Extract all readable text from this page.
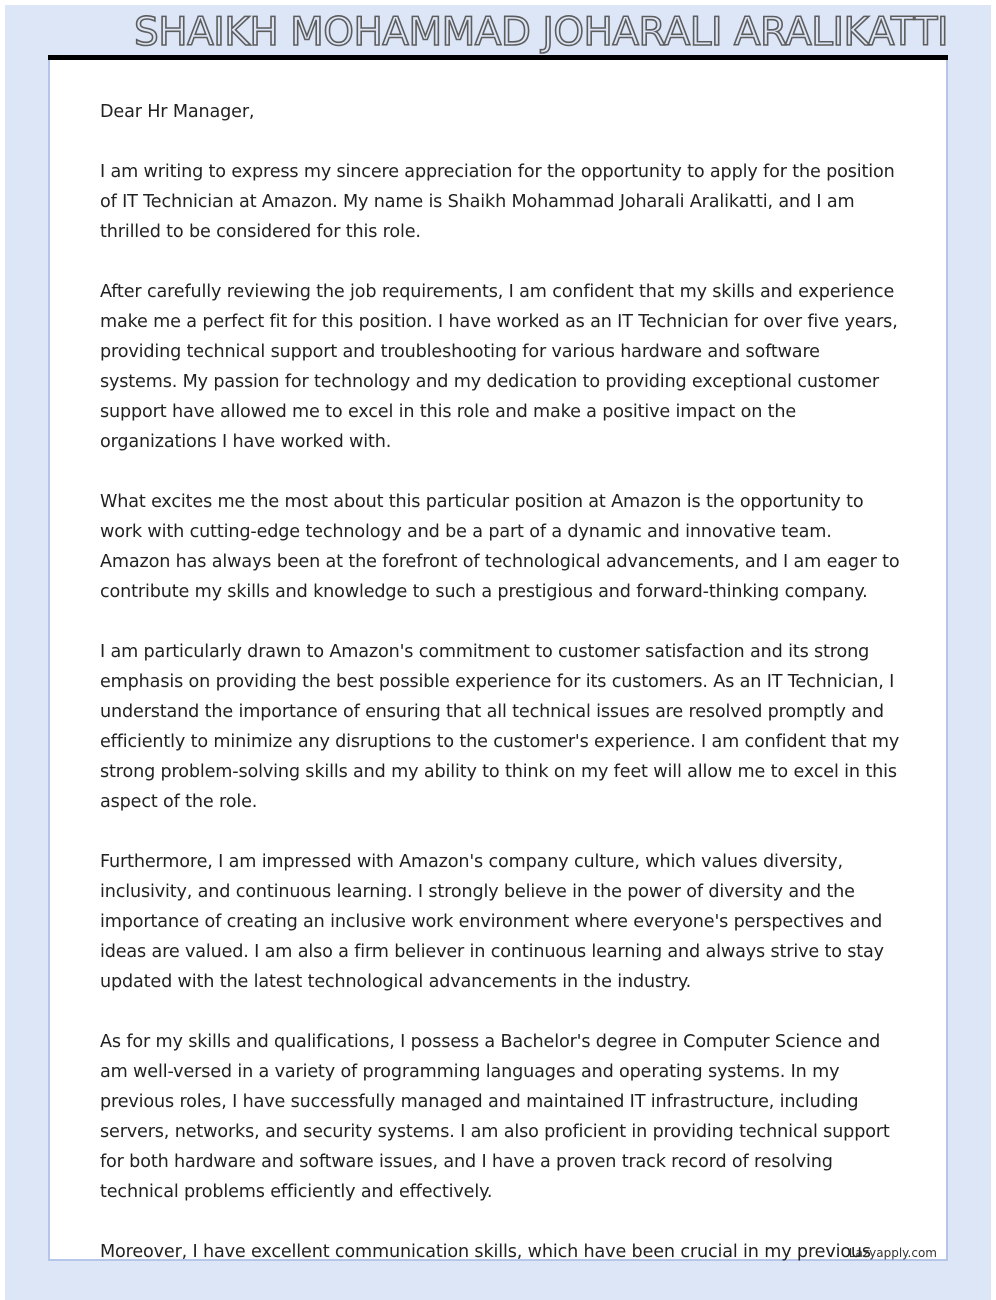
SHAIKH MOHAMMAD JOHARALI ARALIKATTI

Dear Hr Manager,

I am writing to express my sincere appreciation for the opportunity to apply for the position of IT Technician at Amazon. My name is Shaikh Mohammad Joharali Aralikatti, and I am thrilled to be considered for this role.

After carefully reviewing the job requirements, I am confident that my skills and experience make me a perfect fit for this position. I have worked as an IT Technician for over five years, providing technical support and troubleshooting for various hardware and software systems. My passion for technology and my dedication to providing exceptional customer support have allowed me to excel in this role and make a positive impact on the organizations I have worked with.

What excites me the most about this particular position at Amazon is the opportunity to work with cutting-edge technology and be a part of a dynamic and innovative team. Amazon has always been at the forefront of technological advancements, and I am eager to contribute my skills and knowledge to such a prestigious and forward-thinking company.

I am particularly drawn to Amazon's commitment to customer satisfaction and its strong emphasis on providing the best possible experience for its customers. As an IT Technician, I understand the importance of ensuring that all technical issues are resolved promptly and efficiently to minimize any disruptions to the customer's experience. I am confident that my strong problem-solving skills and my ability to think on my feet will allow me to excel in this aspect of the role.

Furthermore, I am impressed with Amazon's company culture, which values diversity, inclusivity, and continuous learning. I strongly believe in the power of diversity and the importance of creating an inclusive work environment where everyone's perspectives and ideas are valued. I am also a firm believer in continuous learning and always strive to stay updated with the latest technological advancements in the industry.

As for my skills and qualifications, I possess a Bachelor's degree in Computer Science and am well-versed in a variety of programming languages and operating systems. In my previous roles, I have successfully managed and maintained IT infrastructure, including servers, networks, and security systems. I am also proficient in providing technical support for both hardware and software issues, and I have a proven track record of resolving technical problems efficiently and effectively.

Moreover, I have excellent communication skills, which have been crucial in my previous

Lazyapply.com
